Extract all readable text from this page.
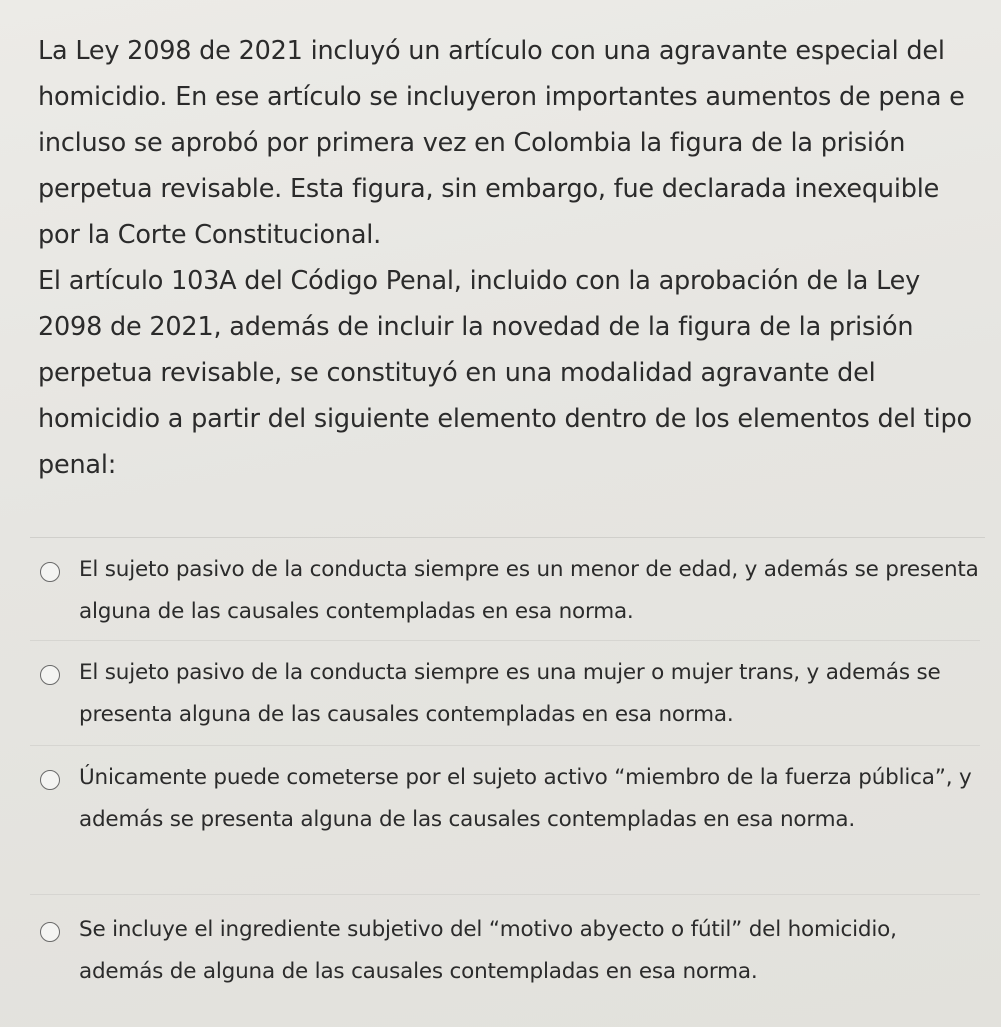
La Ley 2098 de 2021 incluyó un artículo con una agravante especial del homicidio. En ese artículo se incluyeron importantes aumentos de pena e incluso se aprobó por primera vez en Colombia la figura de la prisión perpetua revisable. Esta figura, sin embargo, fue declarada inexequible por la Corte Constitucional.

El artículo 103A del Código Penal, incluido con la aprobación de la Ley 2098 de 2021, además de incluir la novedad de la figura de la prisión perpetua revisable, se constituyó en una modalidad agravante del homicidio a partir del siguiente elemento dentro de los elementos del tipo penal:

El sujeto pasivo de la conducta siempre es un menor de edad, y además se presenta alguna de las causales contempladas en esa norma.
El sujeto pasivo de la conducta siempre es una mujer o mujer trans, y además se presenta alguna de las causales contempladas en esa norma.
Únicamente puede cometerse por el sujeto activo “miembro de la fuerza pública”, y además se presenta alguna de las causales contempladas en esa norma.
Se incluye el ingrediente subjetivo del “motivo abyecto o fútil” del homicidio, además de alguna de las causales contempladas en esa norma.
